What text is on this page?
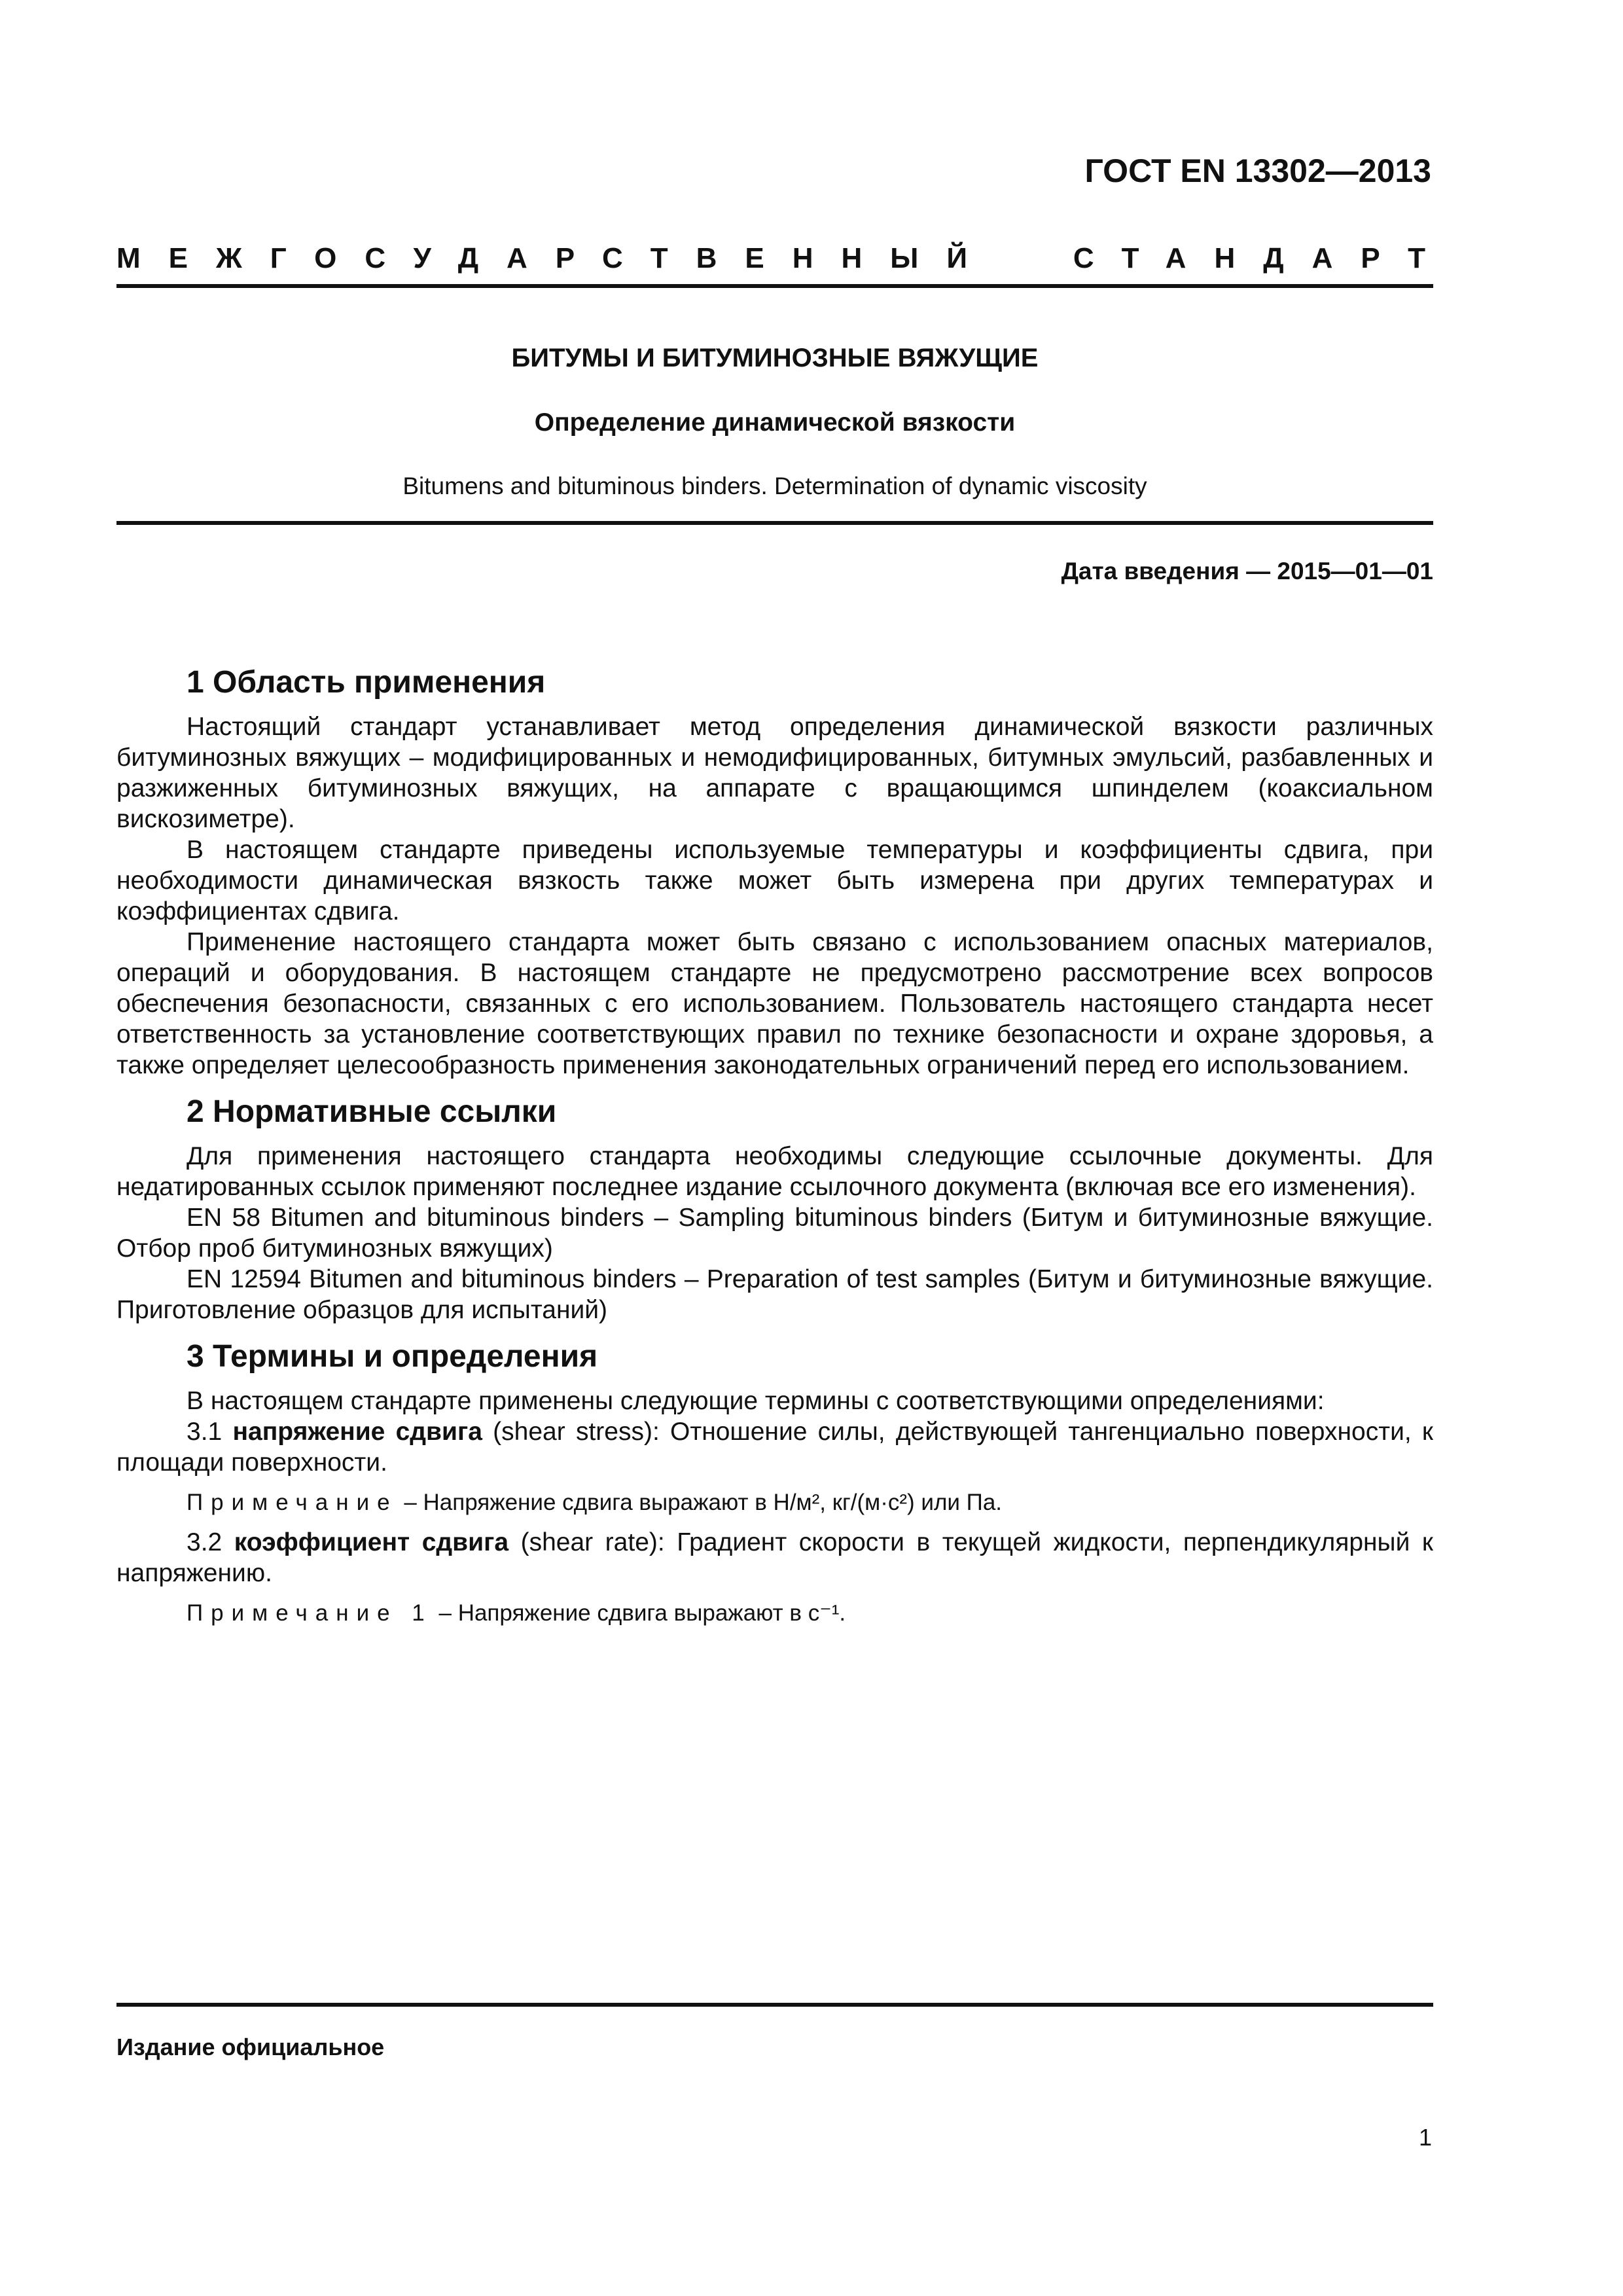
ГОСТ EN 13302—2013
МЕЖГОСУДАРСТВЕННЫЙ	СТАНДАРТ
БИТУМЫ И БИТУМИНОЗНЫЕ ВЯЖУЩИЕ
Определение динамической вязкости
Bitumens and bituminous binders. Determination of dynamic viscosity
Дата введения — 2015—01—01
1 Область применения

Настоящий стандарт устанавливает метод определения динамической вязкости различных битуминозных вяжущих – модифицированных и немодифицированных, битумных эмульсий, разбавленных и разжиженных битуминозных вяжущих, на аппарате с вращающимся шпинделем (коаксиальном вискозиметре).

В настоящем стандарте приведены используемые температуры и коэффициенты сдвига, при необходимости динамическая вязкость также может быть измерена при других температурах и коэффициентах сдвига.

Применение настоящего стандарта может быть связано с использованием опасных материалов, операций и оборудования. В настоящем стандарте не предусмотрено рассмотрение всех вопросов обеспечения безопасности, связанных с его использованием. Пользователь настоящего стандарта несет ответственность за установление соответствующих правил по технике безопасности и охране здоровья, а также определяет целесообразность применения законодательных ограничений перед его использованием.

2 Нормативные ссылки

Для применения настоящего стандарта необходимы следующие ссылочные документы. Для недатированных ссылок применяют последнее издание ссылочного документа (включая все его изменения).

EN 58 Bitumen and bituminous binders – Sampling bituminous binders (Битум и битуминозные вяжущие. Отбор проб битуминозных вяжущих)

EN 12594 Bitumen and bituminous binders – Preparation of test samples (Битум и битуминозные вяжущие. Приготовление образцов для испытаний)

3 Термины и определения

В настоящем стандарте применены следующие термины с соответствующими определениями:

3.1 напряжение сдвига (shear stress): Отношение силы, действующей тангенциально поверхности, к площади поверхности.

Примечание – Напряжение сдвига выражают в Н/м², кг/(м·с²) или Па.

3.2 коэффициент сдвига (shear rate): Градиент скорости в текущей жидкости, перпендикулярный к напряжению.

Примечание 1 – Напряжение сдвига выражают в с⁻¹.

Издание официальное
1
